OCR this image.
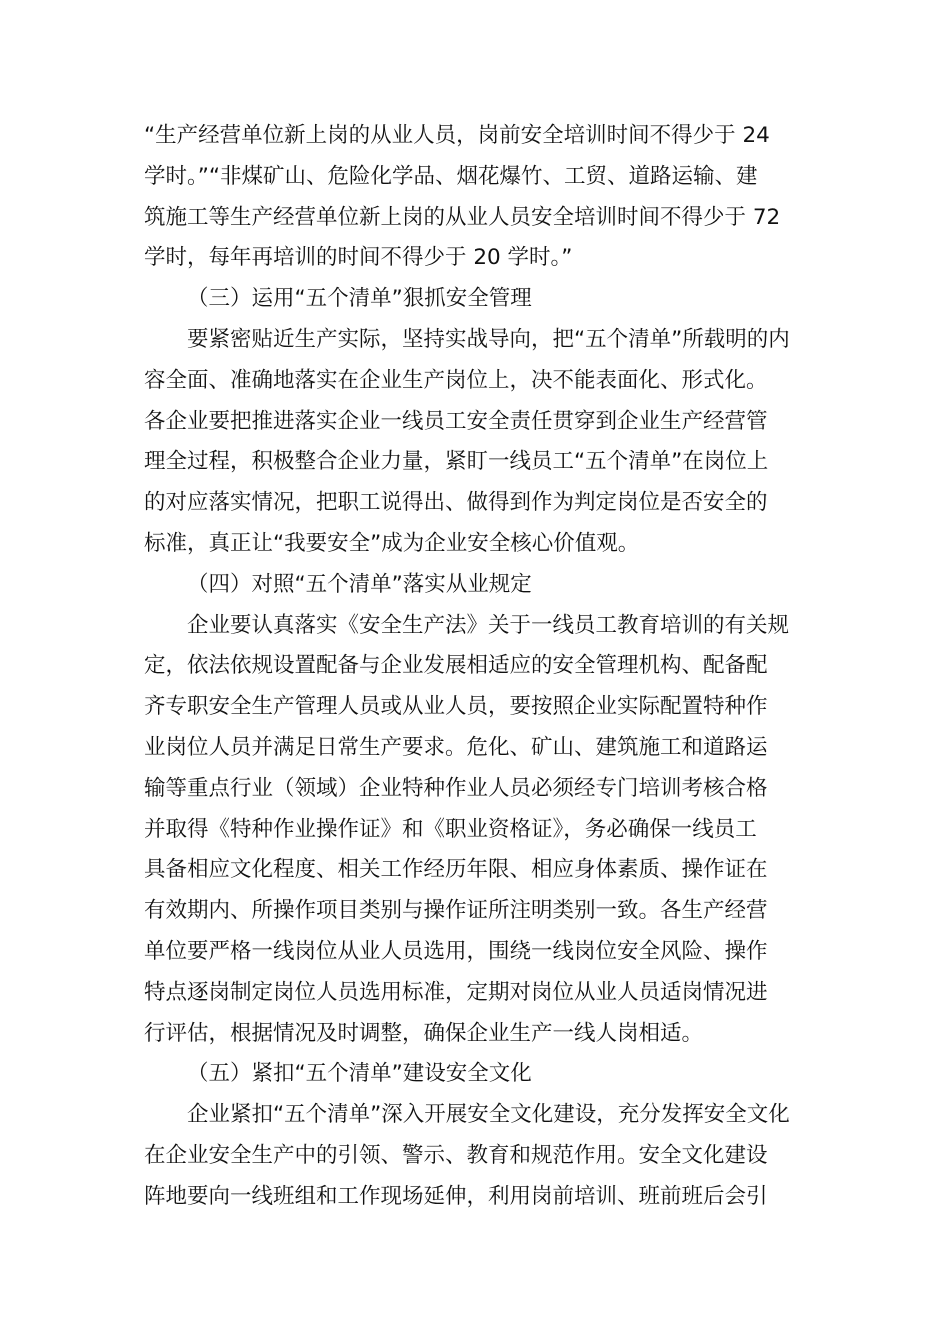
“生产经营单位新上岗的从业人员，岗前安全培训时间不得少于 24
学时。”“非煤矿山、危险化学品、烟花爆竹、工贸、道路运输、建
筑施工等生产经营单位新上岗的从业人员安全培训时间不得少于 72
学时，每年再培训的时间不得少于 20 学时。”
（三）运用“五个清单”狠抓安全管理
要紧密贴近生产实际，坚持实战导向，把“五个清单”所载明的内
容全面、准确地落实在企业生产岗位上，决不能表面化、形式化。
各企业要把推进落实企业一线员工安全责任贯穿到企业生产经营管
理全过程，积极整合企业力量，紧盯一线员工“五个清单”在岗位上
的对应落实情况，把职工说得出、做得到作为判定岗位是否安全的
标准，真正让“我要安全”成为企业安全核心价值观。
（四）对照“五个清单”落实从业规定
企业要认真落实《安全生产法》关于一线员工教育培训的有关规
定，依法依规设置配备与企业发展相适应的安全管理机构、配备配
齐专职安全生产管理人员或从业人员，要按照企业实际配置特种作
业岗位人员并满足日常生产要求。危化、矿山、建筑施工和道路运
输等重点行业（领域）企业特种作业人员必须经专门培训考核合格
并取得《特种作业操作证》和《职业资格证》，务必确保一线员工
具备相应文化程度、相关工作经历年限、相应身体素质、操作证在
有效期内、所操作项目类别与操作证所注明类别一致。各生产经营
单位要严格一线岗位从业人员选用，围绕一线岗位安全风险、操作
特点逐岗制定岗位人员选用标准，定期对岗位从业人员适岗情况进
行评估，根据情况及时调整，确保企业生产一线人岗相适。
（五）紧扣“五个清单”建设安全文化
企业紧扣“五个清单”深入开展安全文化建设，充分发挥安全文化
在企业安全生产中的引领、警示、教育和规范作用。安全文化建设
阵地要向一线班组和工作现场延伸，利用岗前培训、班前班后会引
